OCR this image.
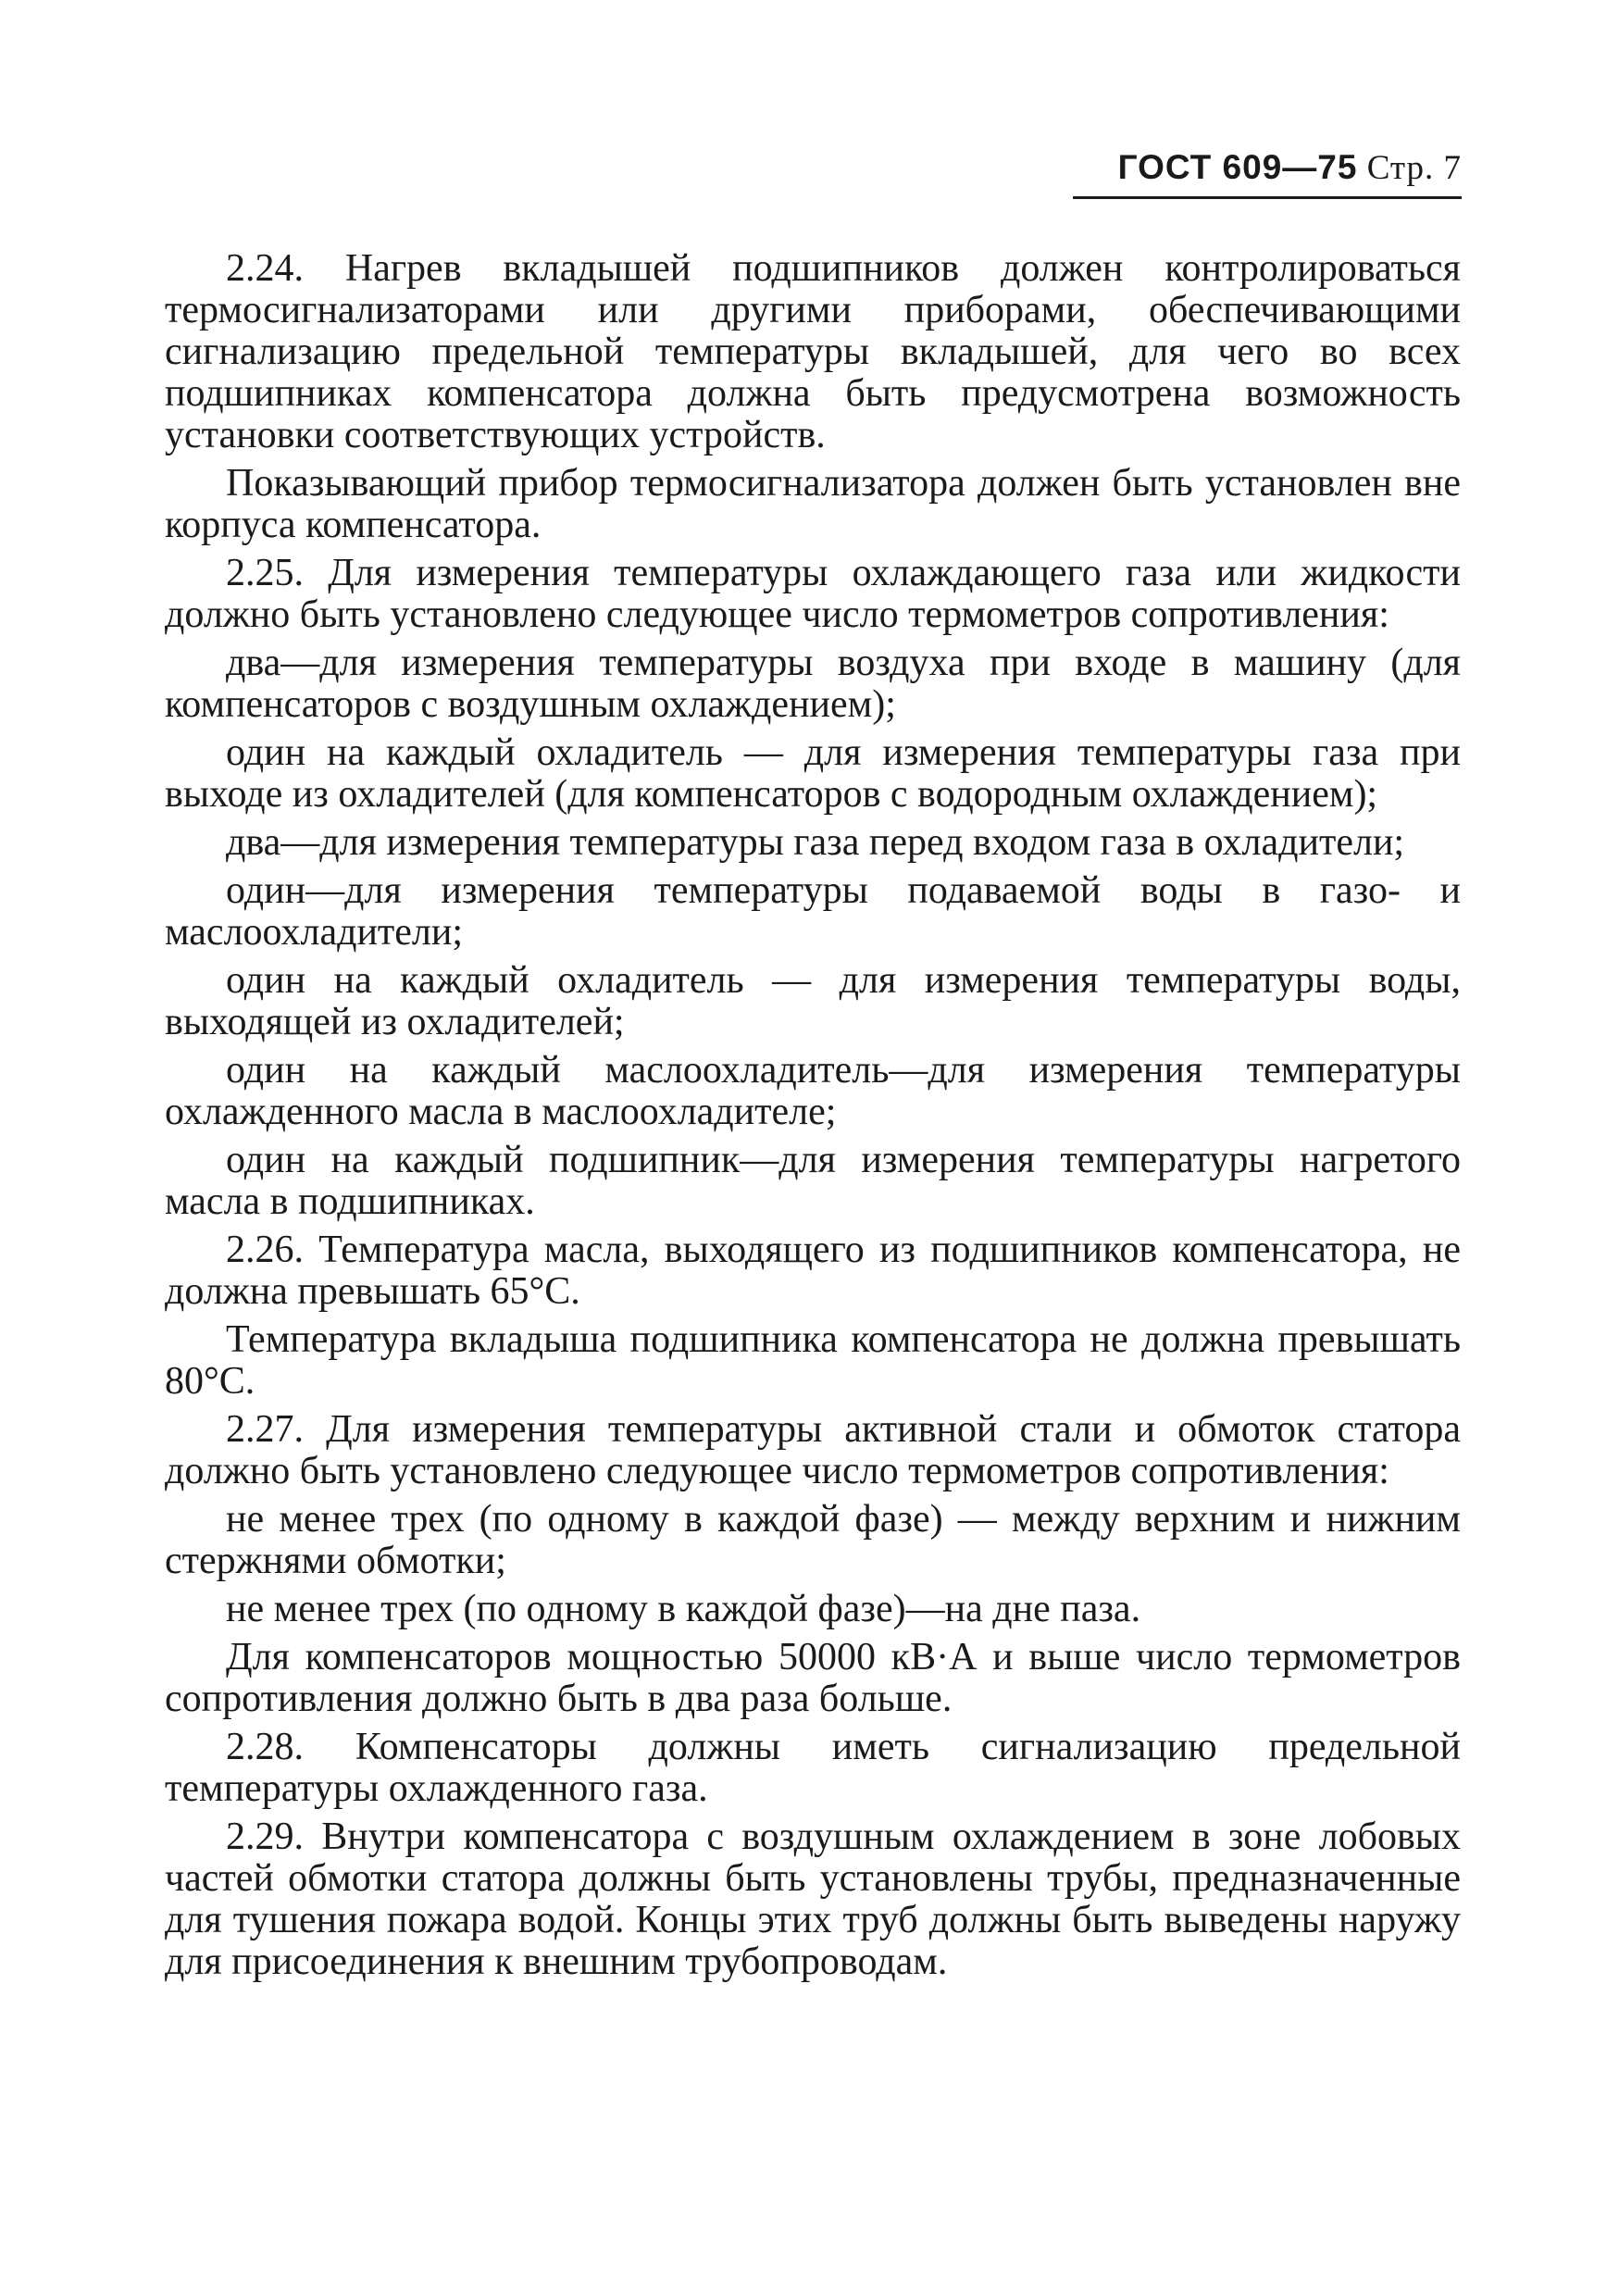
ГОСТ 609—75 Стр. 7

2.24. Нагрев вкладышей подшипников должен контролироваться термосигнализаторами или другими приборами, обеспечивающими сигнализацию предельной температуры вкладышей, для чего во всех подшипниках компенсатора должна быть предусмотрена возможность установки соответствующих устройств.

Показывающий прибор термосигнализатора должен быть установлен вне корпуса компенсатора.

2.25. Для измерения температуры охлаждающего газа или жидкости должно быть установлено следующее число термометров сопротивления:

два—для измерения температуры воздуха при входе в машину (для компенсаторов с воздушным охлаждением);

один на каждый охладитель — для измерения температуры газа при выходе из охладителей (для компенсаторов с водородным охлаждением);

два—для измерения температуры газа перед входом газа в охладители;

один—для измерения температуры подаваемой воды в газо- и маслоохладители;

один на каждый охладитель — для измерения температуры воды, выходящей из охладителей;

один на каждый маслоохладитель—для измерения температуры охлажденного масла в маслоохладителе;

один на каждый подшипник—для измерения температуры нагретого масла в подшипниках.

2.26. Температура масла, выходящего из подшипников компенсатора, не должна превышать 65°С.

Температура вкладыша подшипника компенсатора не должна превышать 80°С.

2.27. Для измерения температуры активной стали и обмоток статора должно быть установлено следующее число термометров сопротивления:

не менее трех (по одному в каждой фазе) — между верхним и нижним стержнями обмотки;

не менее трех (по одному в каждой фазе)—на дне паза.

Для компенсаторов мощностью 50000 кВ·А и выше число термометров сопротивления должно быть в два раза больше.

2.28. Компенсаторы должны иметь сигнализацию предельной температуры охлажденного газа.

2.29. Внутри компенсатора с воздушным охлаждением в зоне лобовых частей обмотки статора должны быть установлены трубы, предназначенные для тушения пожара водой. Концы этих труб должны быть выведены наружу для присоединения к внешним трубопроводам.
